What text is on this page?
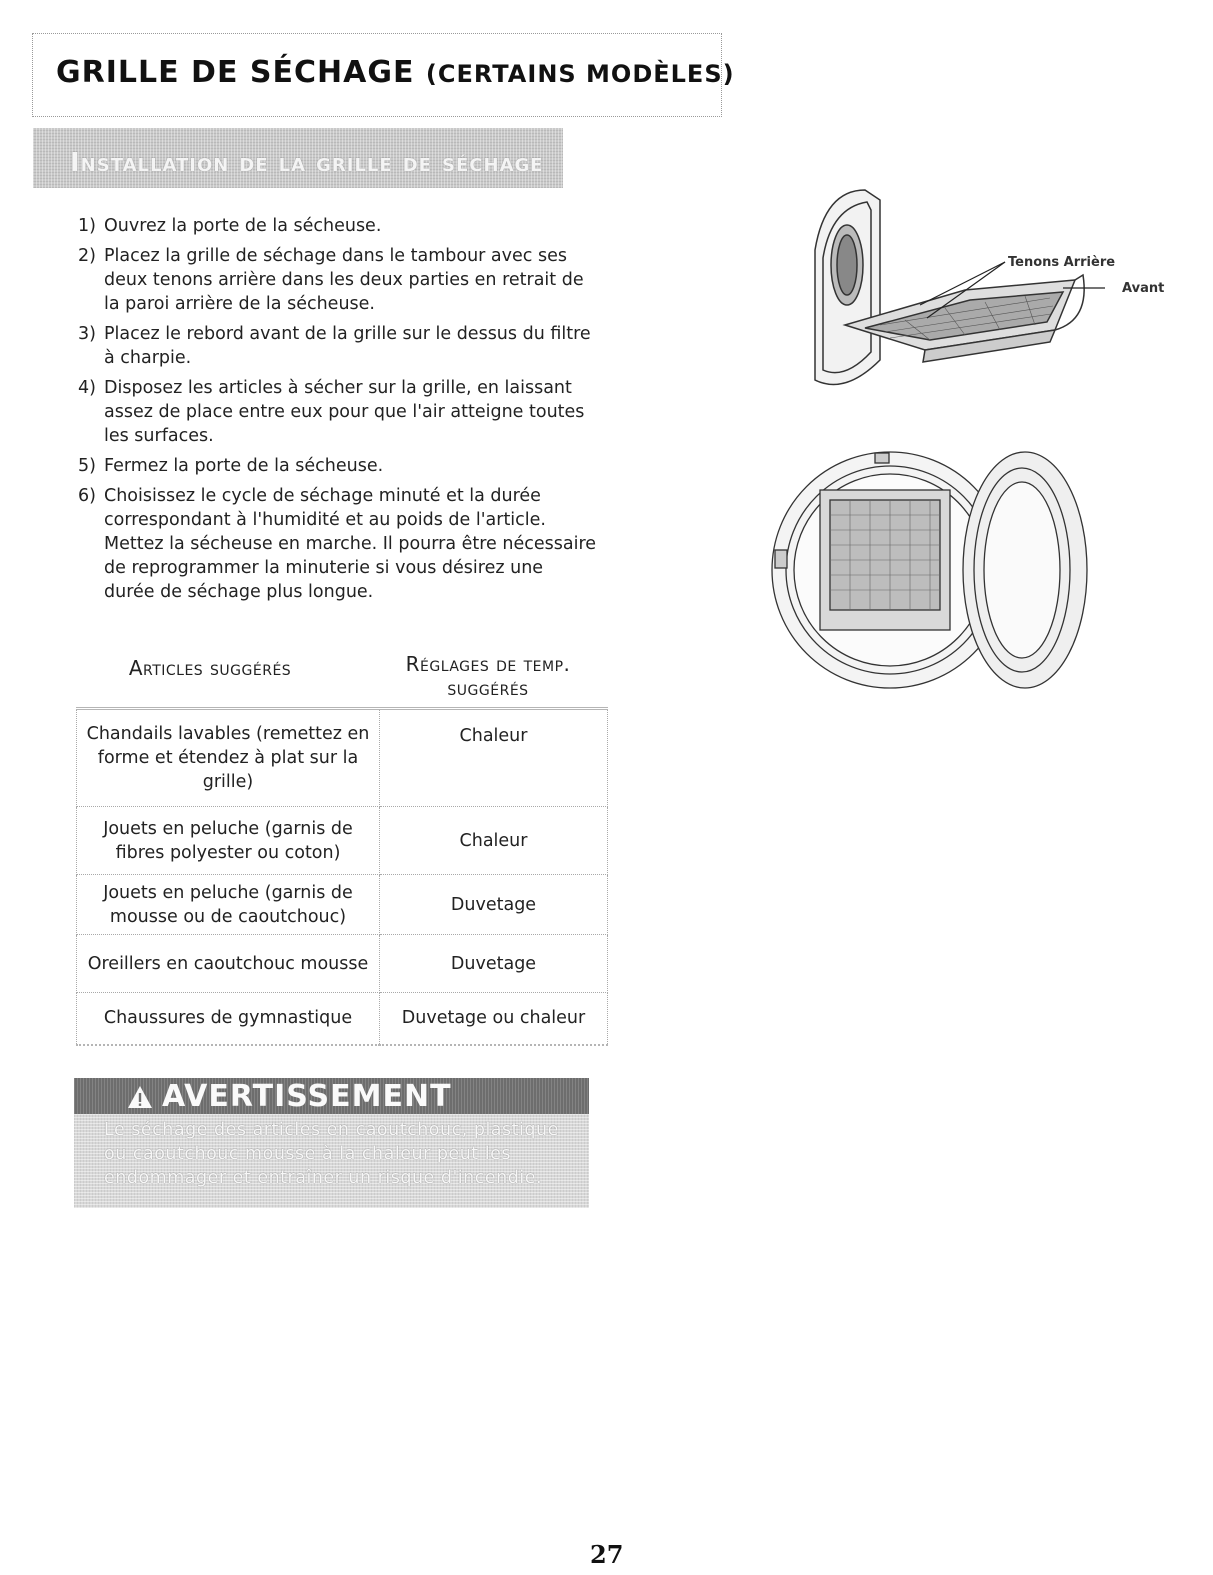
GRILLE DE SÉCHAGE (CERTAINS MODÈLES)
Installation de la grille de séchage
1) Ouvrez la porte de la sécheuse.
2) Placez la grille de séchage dans le tambour avec ses deux tenons arrière dans les deux parties en retrait de la paroi arrière de la sécheuse.
3) Placez le rebord avant de la grille sur le dessus du filtre à charpie.
4) Disposez les articles à sécher sur la grille, en laissant assez de place entre eux pour que l'air atteigne toutes les surfaces.
5) Fermez la porte de la sécheuse.
6) Choisissez le cycle de séchage minuté et la durée correspondant à l'humidité et au poids de l'article. Mettez la sécheuse en marche. Il pourra être nécessaire de reprogrammer la minuterie si vous désirez une durée de séchage plus longue.
Articles suggérés	Réglages de temp. suggérés
Chandails lavables (remettez en forme et étendez à plat sur la grille)	Chaleur
Jouets en peluche (garnis de fibres polyester ou coton)	Chaleur
Jouets en peluche (garnis de mousse ou de caoutchouc)	Duvetage
Oreillers en caoutchouc mousse	Duvetage
Chaussures de gymnastique	Duvetage ou chaleur
AVERTISSEMENT

Le séchage des articles en caoutchouc, plastique ou caoutchouc mousse à la chaleur peut les endommager et entraîner un risque d'incendie.

Tenons Arrière
Avant
27
